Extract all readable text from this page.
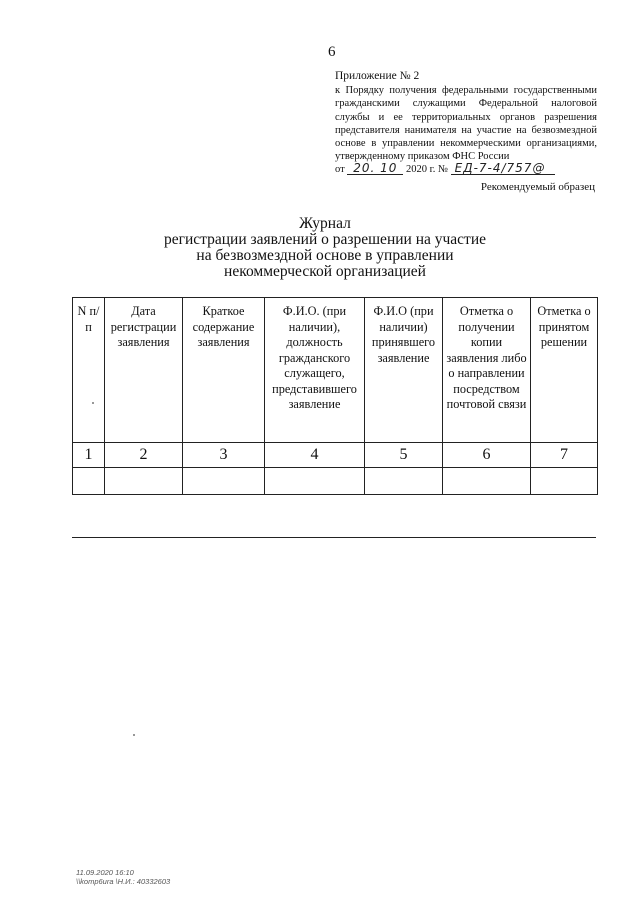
6
Приложение № 2
к Порядку получения федеральными государственными гражданскими служащими Федеральной налоговой службы и ее территориальных органов разрешения представителя нанимателя на участие на безвозмездной основе в управлении некоммерческими организациями, утвержденному приказом ФНС России
от 20. 10 2020 г. № ЕД-7-4/757@
Рекомендуемый образец
Журнал
регистрации заявлений о разрешении на участие
на безвозмездной основе в управлении
некоммерческой организацией
N п/п	Дата регистрации заявления	Краткое содержание заявления	Ф.И.О. (при наличии), должность гражданского служащего, представившего заявление	Ф.И.О (при наличии) принявшего заявление	Отметка о получении копии заявления либо о направлении посредством почтовой связи	Отметка о принятом решении
1	2	3	4	5	6	7

11.09.2020 16:10
\\komp6ura \Н.И.: 40332603
